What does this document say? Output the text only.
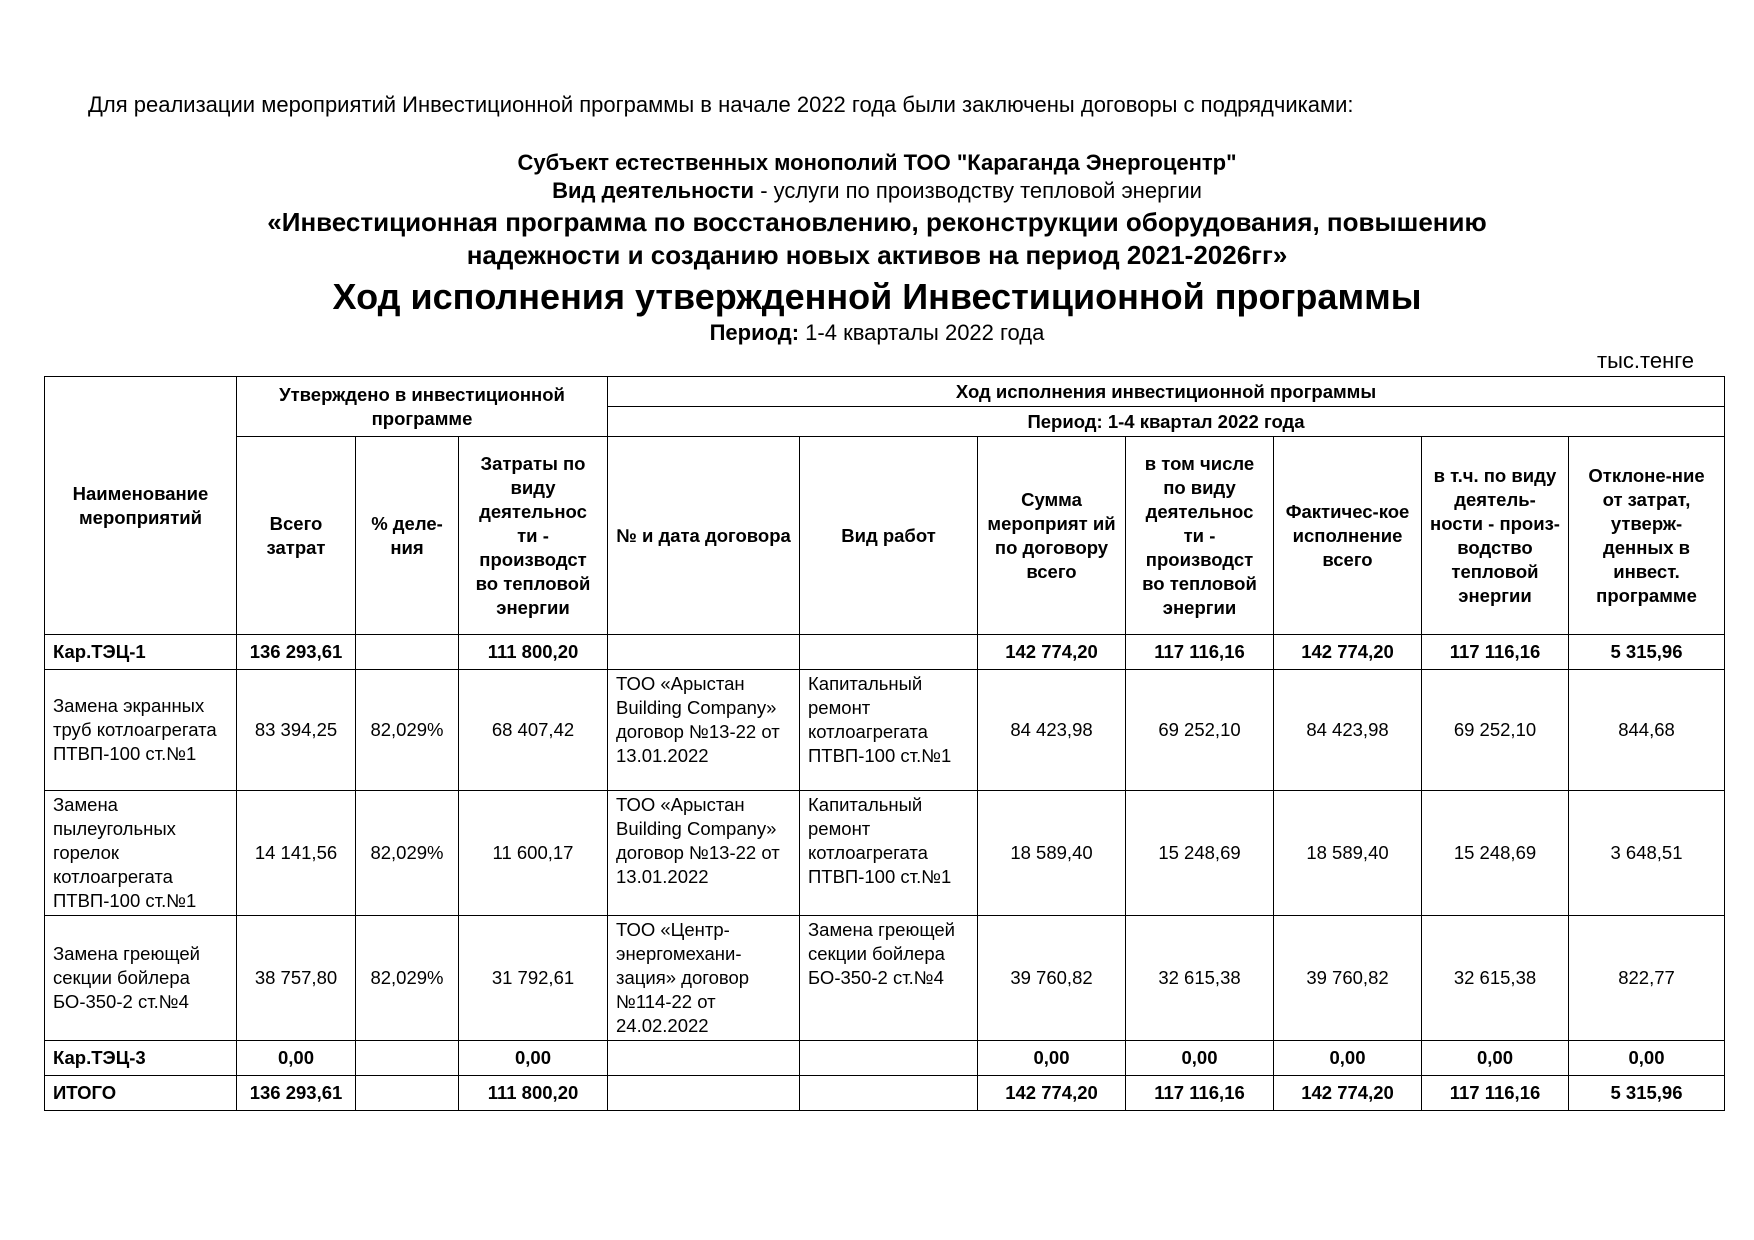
Для реализации мероприятий Инвестиционной программы в начале 2022 года были заключены договоры с подрядчиками:
Субъект естественных монополий ТОО "Караганда Энергоцентр"
Вид деятельности - услуги по производству тепловой энергии
«Инвестиционная программа по восстановлению, реконструкции оборудования, повышению
надежности и созданию новых активов на период 2021-2026гг»
Ход исполнения утвержденной Инвестиционной программы
Период: 1-4 кварталы 2022 года
тыс.тенге
Наименование мероприятий	Утверждено в инвестиционной программе			Ход исполнения инвестиционной программы						
				Период: 1-4 квартал 2022 года						
	Всего затрат	% деле-ния	Затраты по виду деятельнос ти - производст во тепловой энергии	№ и дата договора	Вид работ	Сумма мероприят ий по договору всего	в том числе по виду деятельнос ти - производст во тепловой энергии	Фактичес-кое исполнение всего	в т.ч. по виду деятель-ности - произ-водство тепловой энергии	Отклоне-ние от затрат, утверж-денных в инвест. программе
Кар.ТЭЦ-1	136 293,61		111 800,20			142 774,20	117 116,16	142 774,20	117 116,16	5 315,96
Замена экранных труб котлоагрегата ПТВП-100 ст.№1	83 394,25	82,029%	68 407,42	ТОО «Арыстан Building Company» договор №13-22 от 13.01.2022	Капитальный ремонт котлоагрегата ПТВП-100 ст.№1	84 423,98	69 252,10	84 423,98	69 252,10	844,68
Замена пылеугольных горелок котлоагрегата ПТВП-100 ст.№1	14 141,56	82,029%	11 600,17	ТОО «Арыстан Building Company» договор №13-22 от 13.01.2022	Капитальный ремонт котлоагрегата ПТВП-100 ст.№1	18 589,40	15 248,69	18 589,40	15 248,69	3 648,51
Замена греющей секции бойлера БО-350-2 ст.№4	38 757,80	82,029%	31 792,61	ТОО «Центр-энергомехани-зация» договор №114-22 от 24.02.2022	Замена греющей секции бойлера БО-350-2 ст.№4	39 760,82	32 615,38	39 760,82	32 615,38	822,77
Кар.ТЭЦ-3	0,00		0,00			0,00	0,00	0,00	0,00	0,00
ИТОГО	136 293,61		111 800,20			142 774,20	117 116,16	142 774,20	117 116,16	5 315,96
